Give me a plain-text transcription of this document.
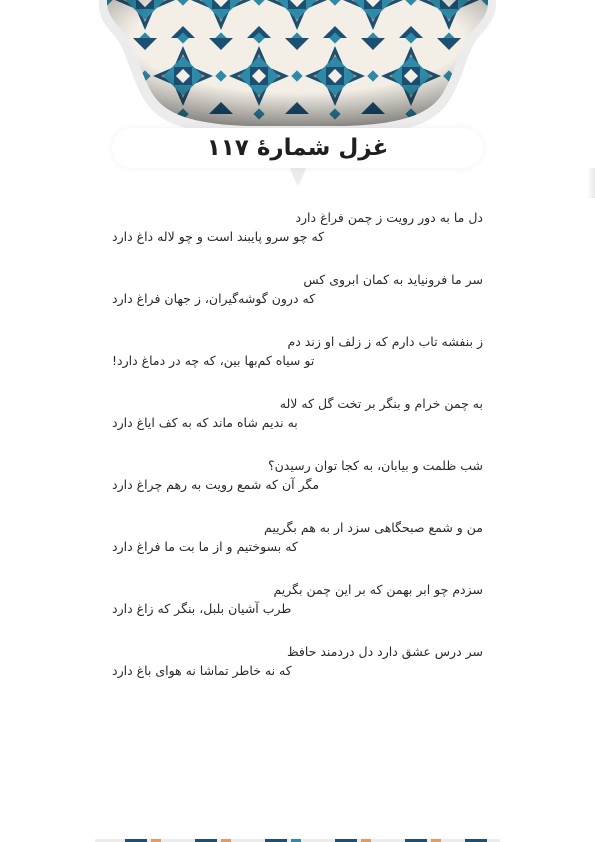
غزل شمارهٔ ۱۱۷
دل ما به دور رویت ز چمن فراغ دارد
که چو سرو پایبند است و چو لاله داغ دارد
سر ما فرونیاید به کمان ابروی کس
که درون گوشه‌گیران، ز جهان فراغ دارد
ز بنفشه تاب دارم که ز زلف او زند دم
تو سیاه کم‌بها بین، که چه در دماغ دارد!
به چمن خرام و بنگر بر تخت گل که لاله
به ندیم شاه ماند که به کف ایاغ دارد
شب ظلمت و بیابان، به کجا توان رسیدن؟
مگر آن که شمع رویت به رهم چراغ دارد
من و شمع صبحگاهی سزد ار به هم بگرییم
که بسوختیم و از ما بت ما فراغ دارد
سزدم چو ابر بهمن که بر این چمن بگریم
طرب آشیان بلبل، بنگر که زاغ دارد
سر درس عشق دارد دل دردمند حافظ
که نه خاطر تماشا نه هوای باغ دارد
